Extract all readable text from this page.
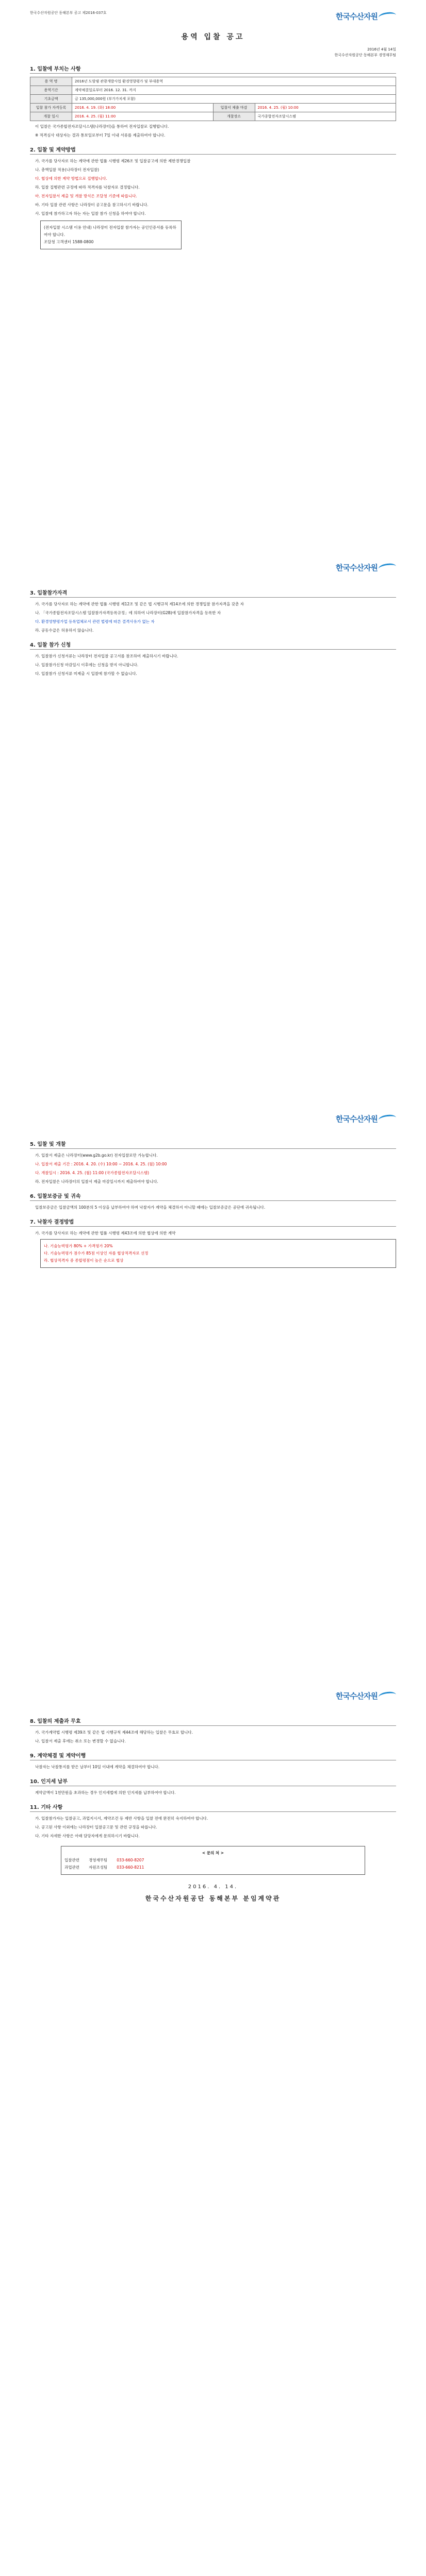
한국수산자원공단 동해본부 공고 제2016-037호	한국수산자원
용역 입찰 공고
2016년 4월 14일
한국수산자원공단 동해본부 경영재무팀
1. 입찰에 부치는 사항
용 역 명	2016년 도암댐 관광개발사업 환경영향평가 및 부대용역		
용역기간	계약체결일로부터 2016. 12. 31. 까지		
기초금액	금 135,000,000원 (부가가치세 포함)		
입찰 참가 자격등록	2016. 4. 19. (화) 18:00	입찰서 제출 마감	2016. 4. 25. (월) 10:00
개찰 일시	2016. 4. 25. (월) 11:00	개찰장소	국가종합전자조달시스템
이 입찰은 국가종합전자조달시스템(나라장터)을 통하여 전자입찰로 집행합니다.
※ 적격심사 대상자는 결과 통보일로부터 7일 이내 서류를 제출하여야 합니다.
2. 입찰 및 계약방법
가. 국가를 당사자로 하는 계약에 관한 법률 시행령 제26조 및 입찰공고에 의한 제한경쟁입찰
나. 총액입찰 적용(나라장터 전자입찰)
다. 협상에 의한 계약 방법으로 집행합니다.
라. 입찰 집행관련 규정에 따라 적격자를 낙찰자로 결정합니다.
마. 전자입찰서 제출 및 개찰 방식은 조달청 기준에 따릅니다.
바. 기타 입찰 관련 사항은 나라장터 공고문을 참고하시기 바랍니다.
사. 입찰에 참가하고자 하는 자는 입찰 참가 신청을 하여야 합니다.
(전자입찰 시스템 이용 안내) 나라장터 전자입찰 참가자는 공인인증서를 등록하여야 합니다.
조달청 고객센터 1588-0800
한국수산자원
3. 입찰참가자격
가. 국가를 당사자로 하는 계약에 관한 법률 시행령 제12조 및 같은 법 시행규칙 제14조에 의한 경쟁입찰 참가자격을 갖춘 자
나. 「국가종합전자조달시스템 입찰참가자격등록규정」에 의하여 나라장터(G2B)에 입찰참가자격을 등록한 자
다. 환경영향평가업 등록업체로서 관련 법령에 따른 결격사유가 없는 자
라. 공동수급은 허용하지 않습니다.
4. 입찰 참가 신청
가. 입찰참가 신청서류는 나라장터 전자입찰 공고서를 참조하여 제출하시기 바랍니다.
나. 입찰참가신청 마감일시 이후에는 신청을 받지 아니합니다.
다. 입찰참가 신청서류 미제출 시 입찰에 참가할 수 없습니다.
한국수산자원
5. 입찰 및 개찰
가. 입찰서 제출은 나라장터(www.g2b.go.kr) 전자입찰로만 가능합니다.
나. 입찰서 제출 기간 : 2016. 4. 20. (수) 10:00 ~ 2016. 4. 25. (월) 10:00
다. 개찰일시 : 2016. 4. 25. (월) 11:00 (국가종합전자조달시스템)
라. 전자입찰은 나라장터의 입찰서 제출 마감일시까지 제출하여야 합니다.
6. 입찰보증금 및 귀속
입찰보증금은 입찰금액의 100분의 5 이상을 납부하여야 하며 낙찰자가 계약을 체결하지 아니할 때에는 입찰보증금은 공단에 귀속됩니다.
7. 낙찰자 결정방법
가. 국가를 당사자로 하는 계약에 관한 법률 시행령 제43조에 의한 협상에 의한 계약
나. 기술능력평가 80% + 가격평가 20%
다. 기술능력평가 점수가 85점 이상인 자를 협상적격자로 선정
라. 협상적격자 중 종합평점이 높은 순으로 협상
한국수산자원
8. 입찰의 제출과 무효
가. 국가계약법 시행령 제39조 및 같은 법 시행규칙 제44조에 해당하는 입찰은 무효로 합니다.
나. 입찰서 제출 후에는 취소 또는 변경할 수 없습니다.
9. 계약체결 및 계약이행
낙찰자는 낙찰통지를 받은 날부터 10일 이내에 계약을 체결하여야 합니다.
10. 인지세 납부
계약금액이 1천만원을 초과하는 경우 인지세법에 의한 인지세를 납부하여야 합니다.
11. 기타 사항
가. 입찰참가자는 입찰공고, 과업지시서, 계약조건 등 제반 사항을 입찰 전에 완전히 숙지하여야 합니다.
나. 공고된 사항 이외에는 나라장터 입찰공고문 및 관련 규정을 따릅니다.
다. 기타 자세한 사항은 아래 담당자에게 문의하시기 바랍니다.
< 문의 처 >
입찰관련 경영재무팀 033-660-8207
과업관련 자원조성팀 033-660-8211
2016. 4. 14.
한국수산자원공단 동해본부 분임계약관
